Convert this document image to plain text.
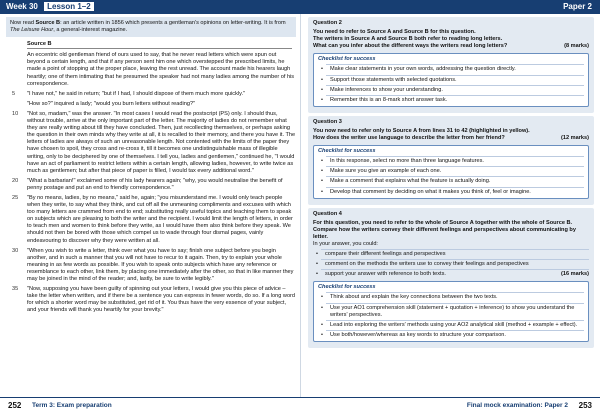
Week 30 Lesson 1–2	Paper 2
Now read Source B: an article written in 1856 which presents a gentleman's opinions on letter-writing. It is from The Leisure Hour, a general-interest magazine.
Source B
An eccentric old gentleman friend of ours used to say, that he never read letters which were spun out beyond a certain length, and that if any person sent him one which overstepped the prescribed limits, he made a point of stopping at the proper place, leaving the rest unread. The account made his hearers laugh heartily; one of them intimating that he presumed the speaker had not many ladies among the number of his correspondence.
5 "I have not," he said in return; "but if I had, I should dispose of them much more quickly."
"How so?" inquired a lady; "would you burn letters without reading?"
10 "Not so, madam," was the answer. "In most cases I would read the postscript (PS) only. I should thus, without trouble, arrive at the only important part of the letter. The majority of ladies do not remember what they are really writing about till they have concluded. Then, just recollecting themselves, or perhaps asking the question in their own minds why they write at all, it is recalled to their memory, and there you have it. The letters of ladies are always of such an unreasonable length. Not contented with the limits of the paper they have chosen to spoil, they cross and re-cross it, till it becomes one undistinguishable mass of illegible writing, only to be deciphered by one of themselves. I tell you, ladies and gentlemen," continued he, "I would have an act of parliament to restrict letters within a certain length, allowing ladies, however, to write twice as much as gentlemen; but after that piece of paper is filled, I would tax every additional word."
20 "What a barbarian!" exclaimed some of his lady hearers again; "why, you would neutralise the benefit of penny postage and put an end to friendly correspondence."
25 "By no means, ladies, by no means," said he, again; "you misunderstand me. I would only teach people when they write, to say what they think, and cut off all the unmeaning compliments and excuses with which too many letters are crammed from end to end; substituting really useful topics and teaching them to speak on subjects which are pleasing to both the writer and the recipient. I would limit the length of letters, in order to teach men and women to think before they write, as I would have them also think before they speak. We should not then be bored with those which compel us to wade through four dismal pages, vainly endeavouring to discover why they were written at all.
30 "When you wish to write a letter, think over what you have to say; finish one subject before you begin another, and in such a manner that you will not have to recur to it again. Then, try to explain your whole meaning in as few words as possible. If you wish to speak onto subjects which have any reference or resemblance to each other, link them, by placing one immediately after the other, so that in like manner they may be joined in the mind of the reader; and, lastly, be sure to write legibly."
35 "Now, supposing you have been guilty of spinning out your letters, I would give you this piece of advice – take the letter when written, and if there be a sentence you can express in fewer words, do so. If a long word for which a shorter word may be substituted, get rid of it. You thus have the very essence of your subject, and your friends will thank you heartily for your brevity."
Question 2
You need to refer to Source A and Source B for this question.
The writers in Source A and Source B both refer to reading long letters.
What can you infer about the different ways the writers read long letters?	(8 marks)
Checklist for success
• Make clear statements in your own words, addressing the question directly.
• Support those statements with selected quotations.
• Make inferences to show your understanding.
• Remember this is an 8-mark short answer task.
Question 3
You now need to refer only to Source A from lines 31 to 42 (highlighted in yellow).
How does the writer use language to describe the letter from her friend?	(12 marks)
Checklist for success
• In this response, select no more than three language features.
• Make sure you give an example of each one.
• Make a comment that explains what the feature is actually doing.
• Develop that comment by deciding on what it makes you think of, feel or imagine.
Question 4
For this question, you need to refer to the whole of Source A together with the whole of Source B.
Compare how the writers convey their different feelings and perspectives about communicating by letter.
In your answer, you could:
• compare their different feelings and perspectives
• comment on the methods the writers use to convey their feelings and perspectives
• support your answer with reference to both texts.	(16 marks)
Checklist for success
• Think about and explain the key connections between the two texts.
• Use your AO1 comprehension skill (statement + quotation + inference) to show you understand the writers' perspectives.
• Lead into exploring the writers' methods using your AO2 analytical skill (method + example + effect).
• Use both/however/whereas as key words to structure your comparison.
252 Term 3: Exam preparation	Final mock examination: Paper 2 253
